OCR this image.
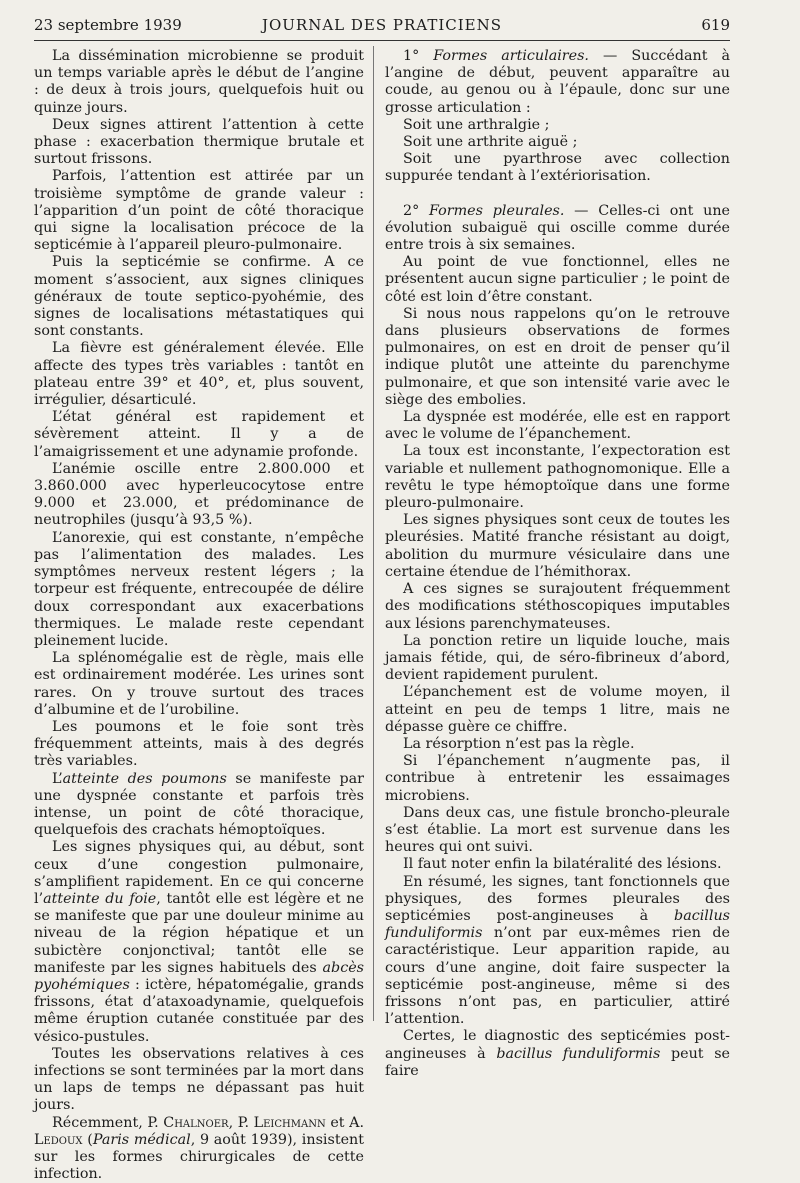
23 septembre 1939	JOURNAL DES PRATICIENS	619

La dissémination microbienne se produit un temps variable après le début de l’angine : de deux à trois jours, quelquefois huit ou quinze jours.

Deux signes attirent l’attention à cette phase : exacerbation thermique brutale et surtout frissons.

Parfois, l’attention est attirée par un troisième symptôme de grande valeur : l’apparition d’un point de côté thoracique qui signe la localisation précoce de la septicémie à l’appareil pleuro-pulmonaire.

Puis la septicémie se confirme. A ce moment s’associent, aux signes cliniques généraux de toute septico-pyohémie, des signes de localisations métastatiques qui sont constants.

La fièvre est généralement élevée. Elle affecte des types très variables : tantôt en plateau entre 39° et 40°, et, plus souvent, irrégulier, désarticulé.

L’état général est rapidement et sévèrement atteint. Il y a de l’amaigrissement et une adynamie profonde.

L’anémie oscille entre 2.800.000 et 3.860.000 avec hyperleucocytose entre 9.000 et 23.000, et prédominance de neutrophiles (jusqu’à 93,5 %).

L’anorexie, qui est constante, n’empêche pas l’alimentation des malades. Les symptômes nerveux restent légers ; la torpeur est fréquente, entrecoupée de délire doux correspondant aux exacerbations thermiques. Le malade reste cependant pleinement lucide.

La splénomégalie est de règle, mais elle est ordinairement modérée. Les urines sont rares. On y trouve surtout des traces d’albumine et de l’urobiline.

Les poumons et le foie sont très fréquemment atteints, mais à des degrés très variables.

L’atteinte des poumons se manifeste par une dyspnée constante et parfois très intense, un point de côté thoracique, quelquefois des crachats hémoptoïques.

Les signes physiques qui, au début, sont ceux d’une congestion pulmonaire, s’amplifient rapidement. En ce qui concerne l’atteinte du foie, tantôt elle est légère et ne se manifeste que par une douleur minime au niveau de la région hépatique et un subictère conjonctival; tantôt elle se manifeste par les signes habituels des abcès pyohémiques : ictère, hépatomégalie, grands frissons, état d’ataxoadynamie, quelquefois même éruption cutanée constituée par des vésico-pustules.

Toutes les observations relatives à ces infections se sont terminées par la mort dans un laps de temps ne dépassant pas huit jours.

Récemment, P. Chalnoer, P. Leichmann et A. Ledoux (Paris médical, 9 août 1939), insistent sur les formes chirurgicales de cette infection.

1° Formes articulaires. — Succédant à l’angine de début, peuvent apparaître au coude, au genou ou à l’épaule, donc sur une grosse articulation :

Soit une arthralgie ;

Soit une arthrite aiguë ;

Soit une pyarthrose avec collection suppurée tendant à l’extériorisation.

2° Formes pleurales. — Celles-ci ont une évolution subaiguë qui oscille comme durée entre trois à six semaines.

Au point de vue fonctionnel, elles ne présentent aucun signe particulier ; le point de côté est loin d’être constant.

Si nous nous rappelons qu’on le retrouve dans plusieurs observations de formes pulmonaires, on est en droit de penser qu’il indique plutôt une atteinte du parenchyme pulmonaire, et que son intensité varie avec le siège des embolies.

La dyspnée est modérée, elle est en rapport avec le volume de l’épanchement.

La toux est inconstante, l’expectoration est variable et nullement pathognomonique. Elle a revêtu le type hémoptoïque dans une forme pleuro-pulmonaire.

Les signes physiques sont ceux de toutes les pleurésies. Matité franche résistant au doigt, abolition du murmure vésiculaire dans une certaine étendue de l’hémithorax.

A ces signes se surajoutent fréquemment des modifications stéthoscopiques imputables aux lésions parenchymateuses.

La ponction retire un liquide louche, mais jamais fétide, qui, de séro-fibrineux d’abord, devient rapidement purulent.

L’épanchement est de volume moyen, il atteint en peu de temps 1 litre, mais ne dépasse guère ce chiffre.

La résorption n’est pas la règle.

Si l’épanchement n’augmente pas, il contribue à entretenir les essaimages microbiens.

Dans deux cas, une fistule broncho-pleurale s’est établie. La mort est survenue dans les heures qui ont suivi.

Il faut noter enfin la bilatéralité des lésions.

En résumé, les signes, tant fonctionnels que physiques, des formes pleurales des septicémies post-angineuses à bacillus funduliformis n’ont par eux-mêmes rien de caractéristique. Leur apparition rapide, au cours d’une angine, doit faire suspecter la septicémie post-angineuse, même si des frissons n’ont pas, en particulier, attiré l’attention.

Certes, le diagnostic des septicémies post-angineuses à bacillus funduliformis peut se faire
